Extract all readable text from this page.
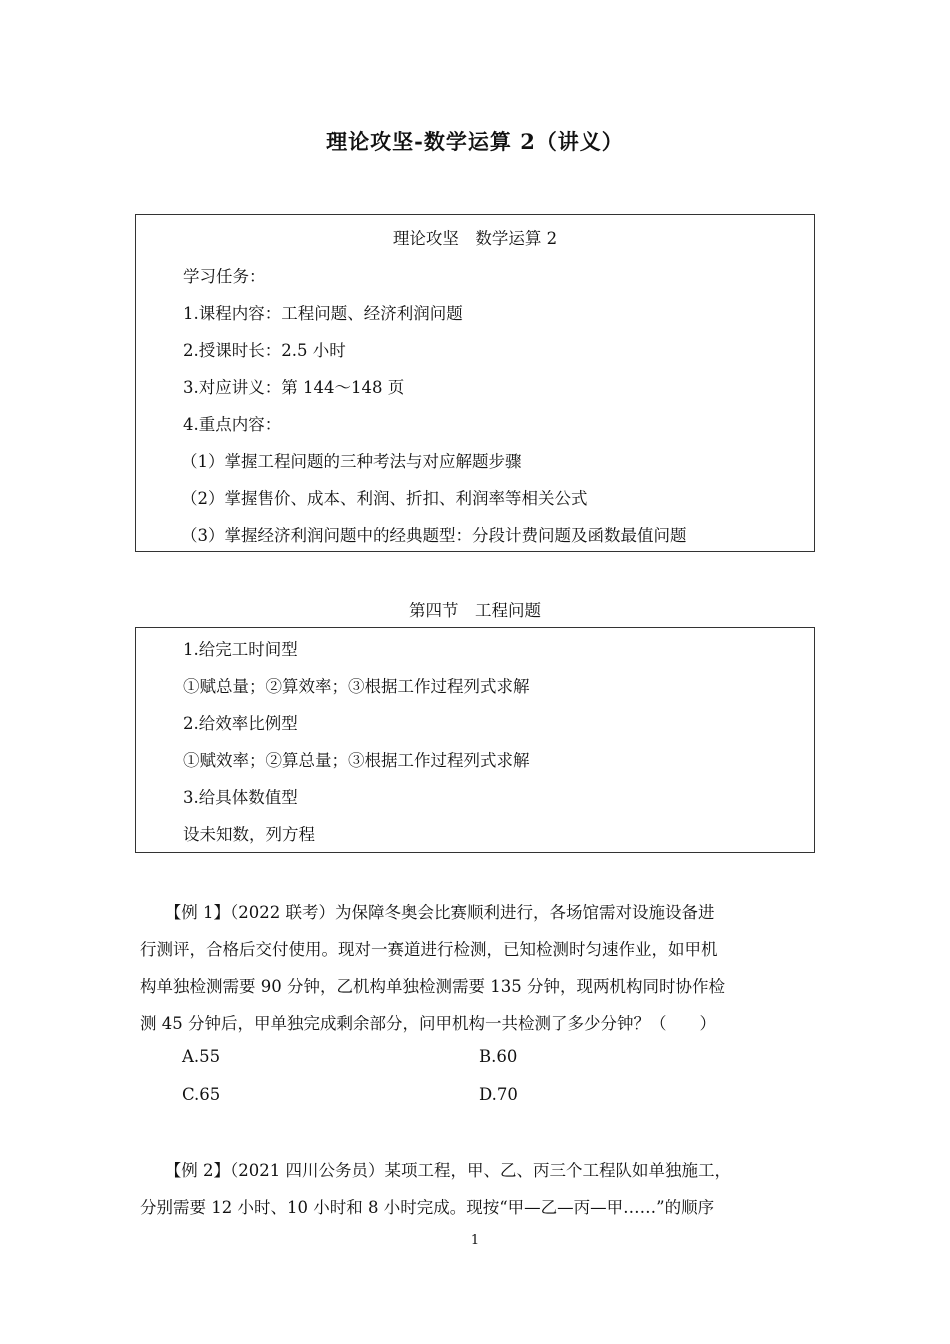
理论攻坚-数学运算 2（讲义）
理论攻坚　数学运算 2
学习任务：
1.课程内容：工程问题、经济利润问题
2.授课时长：2.5 小时
3.对应讲义：第 144～148 页
4.重点内容：
（1）掌握工程问题的三种考法与对应解题步骤
（2）掌握售价、成本、利润、折扣、利润率等相关公式
（3）掌握经济利润问题中的经典题型：分段计费问题及函数最值问题
第四节　工程问题
1.给完工时间型
①赋总量；②算效率；③根据工作过程列式求解
2.给效率比例型
①赋效率；②算总量；③根据工作过程列式求解
3.给具体数值型
设未知数，列方程
　　【例 1】（2022 联考）为保障冬奥会比赛顺利进行，各场馆需对设施设备进
行测评，合格后交付使用。现对一赛道进行检测，已知检测时匀速作业，如甲机
构单独检测需要 90 分钟，乙机构单独检测需要 135 分钟，现两机构同时协作检
测 45 分钟后，甲单独完成剩余部分，问甲机构一共检测了多少分钟？（　　）
A.55	B.60
C.65	D.70
　　【例 2】（2021 四川公务员）某项工程，甲、乙、丙三个工程队如单独施工，
分别需要 12 小时、10 小时和 8 小时完成。现按“甲—乙—丙—甲……”的顺序
1
